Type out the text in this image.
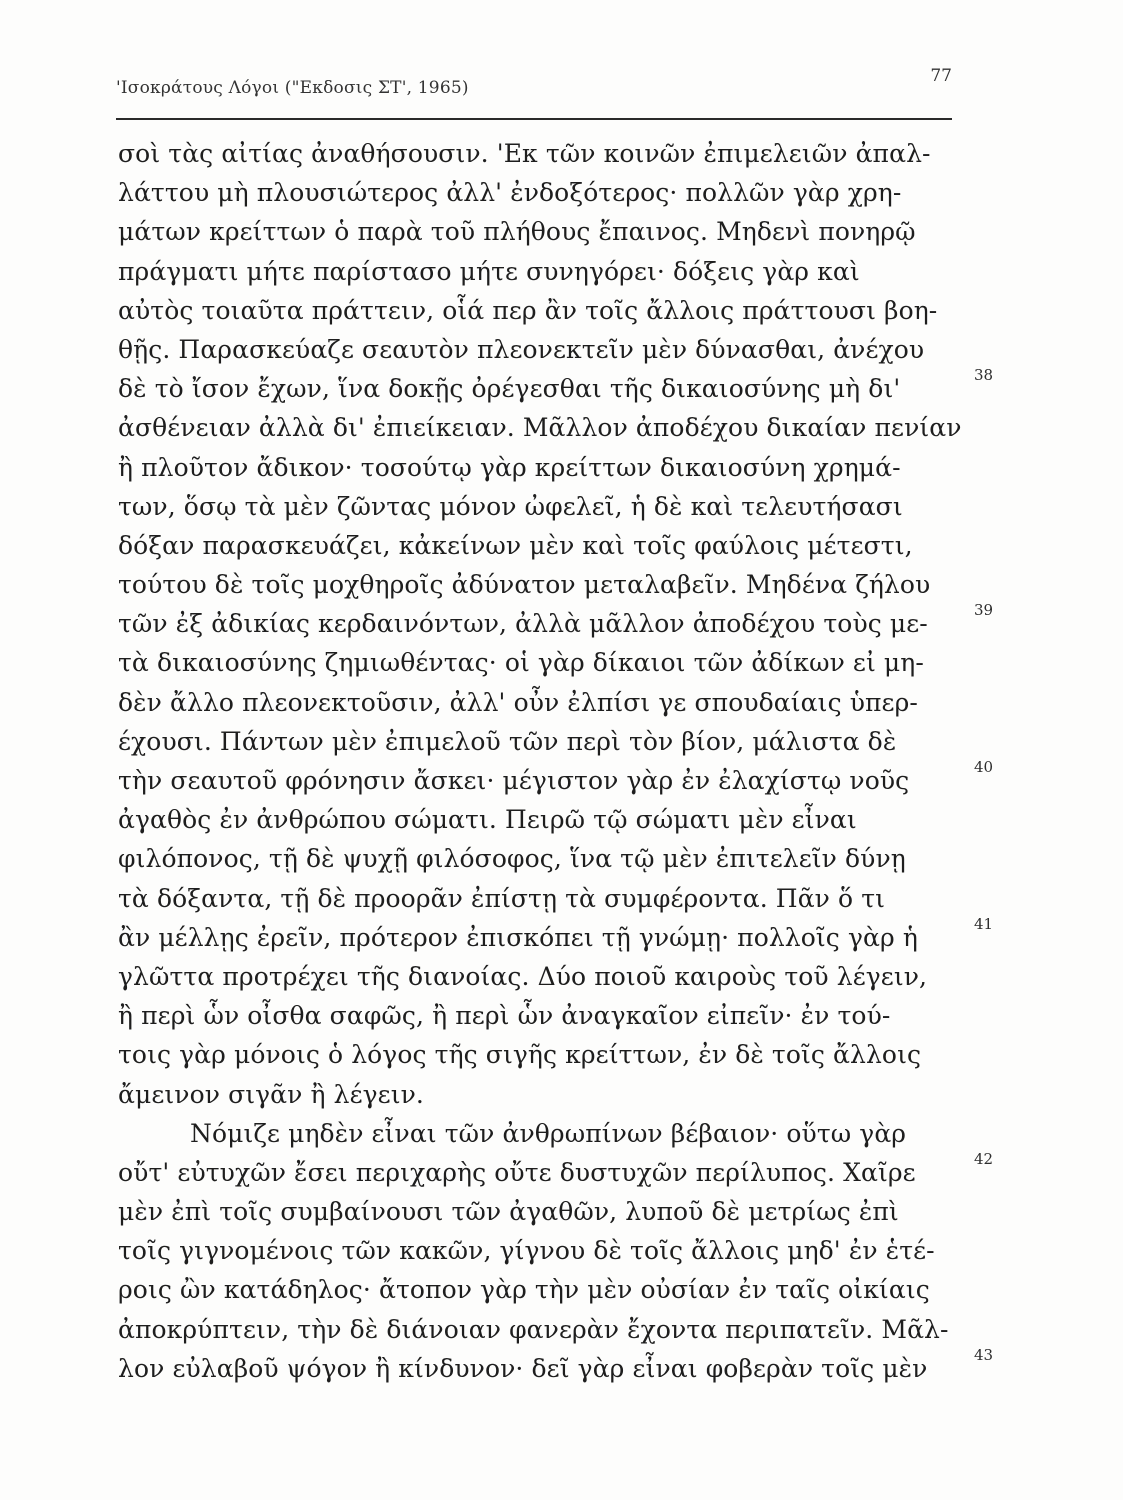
'Ισοκράτους Λόγοι ("Εκδοσις ΣΤ', 1965)
77
σοὶ τὰς αἰτίας ἀναθήσουσιν. 'Εκ τῶν κοινῶν ἐπιμελειῶν ἀπαλ-
λάττου μὴ πλουσιώτερος ἀλλ' ἐνδοξότερος· πολλῶν γὰρ χρη-
μάτων κρείττων ὁ παρὰ τοῦ πλήθους ἔπαινος. Μηδενὶ πονηρῷ
πράγματι μήτε παρίστασο μήτε συνηγόρει· δόξεις γὰρ καὶ
αὐτὸς τοιαῦτα πράττειν, οἷά περ ἂν τοῖς ἄλλοις πράττουσι βοη-
θῇς. Παρασκεύαζε σεαυτὸν πλεονεκτεῖν μὲν δύνασθαι, ἀνέχου
δὲ τὸ ἴσον ἔχων, ἵνα δοκῇς ὀρέγεσθαι τῆς δικαιοσύνης μὴ δι'
ἀσθένειαν ἀλλὰ δι' ἐπιείκειαν. Μᾶλλον ἀποδέχου δικαίαν πενίαν
ἢ πλοῦτον ἄδικον· τοσούτῳ γὰρ κρείττων δικαιοσύνη χρημά-
των, ὅσῳ τὰ μὲν ζῶντας μόνον ὠφελεῖ, ἡ δὲ καὶ τελευτήσασι
δόξαν παρασκευάζει, κἀκείνων μὲν καὶ τοῖς φαύλοις μέτεστι,
τούτου δὲ τοῖς μοχθηροῖς ἀδύνατον μεταλαβεῖν. Μηδένα ζήλου
τῶν ἐξ ἀδικίας κερδαινόντων, ἀλλὰ μᾶλλον ἀποδέχου τοὺς με-
τὰ δικαιοσύνης ζημιωθέντας· οἱ γὰρ δίκαιοι τῶν ἀδίκων εἰ μη-
δὲν ἄλλο πλεονεκτοῦσιν, ἀλλ' οὖν ἐλπίσι γε σπουδαίαις ὑπερ-
έχουσι. Πάντων μὲν ἐπιμελοῦ τῶν περὶ τὸν βίον, μάλιστα δὲ
τὴν σεαυτοῦ φρόνησιν ἄσκει· μέγιστον γὰρ ἐν ἐλαχίστῳ νοῦς
ἀγαθὸς ἐν ἀνθρώπου σώματι. Πειρῶ τῷ σώματι μὲν εἶναι
φιλόπονος, τῇ δὲ ψυχῇ φιλόσοφος, ἵνα τῷ μὲν ἐπιτελεῖν δύνῃ
τὰ δόξαντα, τῇ δὲ προορᾶν ἐπίστῃ τὰ συμφέροντα. Πᾶν ὅ τι
ἂν μέλλῃς ἐρεῖν, πρότερον ἐπισκόπει τῇ γνώμῃ· πολλοῖς γὰρ ἡ
γλῶττα προτρέχει τῆς διανοίας. Δύο ποιοῦ καιροὺς τοῦ λέγειν,
ἢ περὶ ὧν οἶσθα σαφῶς, ἢ περὶ ὧν ἀναγκαῖον εἰπεῖν· ἐν τού-
τοις γὰρ μόνοις ὁ λόγος τῆς σιγῆς κρείττων, ἐν δὲ τοῖς ἄλλοις
ἄμεινον σιγᾶν ἢ λέγειν.
Νόμιζε μηδὲν εἶναι τῶν ἀνθρωπίνων βέβαιον· οὕτω γὰρ
οὔτ' εὐτυχῶν ἔσει περιχαρὴς οὔτε δυστυχῶν περίλυπος. Χαῖρε
μὲν ἐπὶ τοῖς συμβαίνουσι τῶν ἀγαθῶν, λυποῦ δὲ μετρίως ἐπὶ
τοῖς γιγνομένοις τῶν κακῶν, γίγνου δὲ τοῖς ἄλλοις μηδ' ἐν ἑτέ-
ροις ὢν κατάδηλος· ἄτοπον γὰρ τὴν μὲν οὐσίαν ἐν ταῖς οἰκίαις
ἀποκρύπτειν, τὴν δὲ διάνοιαν φανερὰν ἔχοντα περιπατεῖν. Μᾶλ-
λον εὐλαβοῦ ψόγον ἢ κίνδυνον· δεῖ γὰρ εἶναι φοβερὰν τοῖς μὲν
38
39
40
41
42
43
